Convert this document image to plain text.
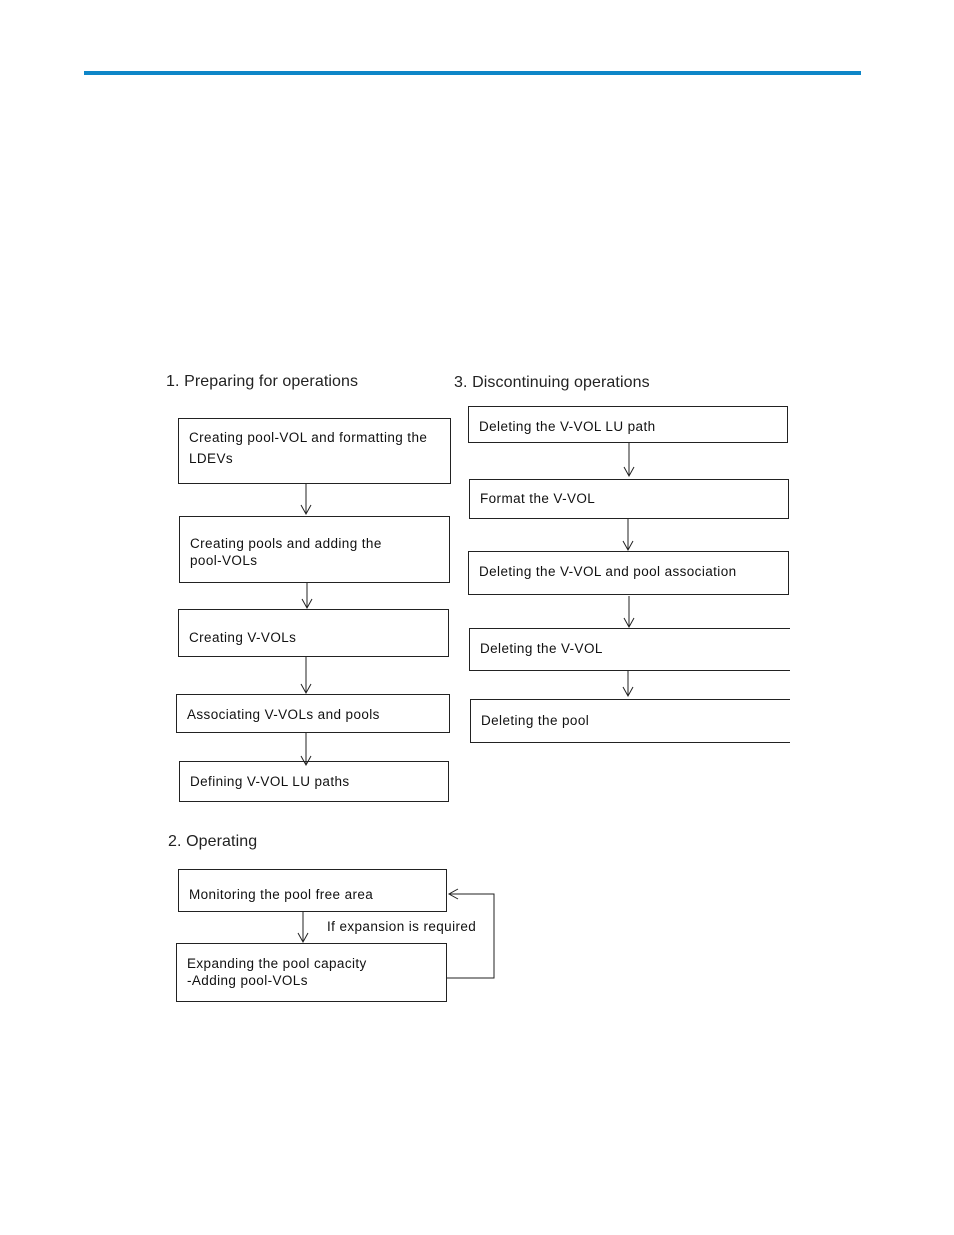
1. Preparing for operations
Creating pool-VOL and formatting the
LDEVs
Creating pools and adding the
pool-VOLs
Creating V-VOLs
Associating V-VOLs and pools
Defining V-VOL LU paths
2. Operating
Monitoring the pool free area
If expansion is required
Expanding the pool capacity
-Adding pool-VOLs
3. Discontinuing operations
Deleting the V-VOL LU path
Format the V-VOL
Deleting the V-VOL and pool association
Deleting the V-VOL
Deleting the pool
